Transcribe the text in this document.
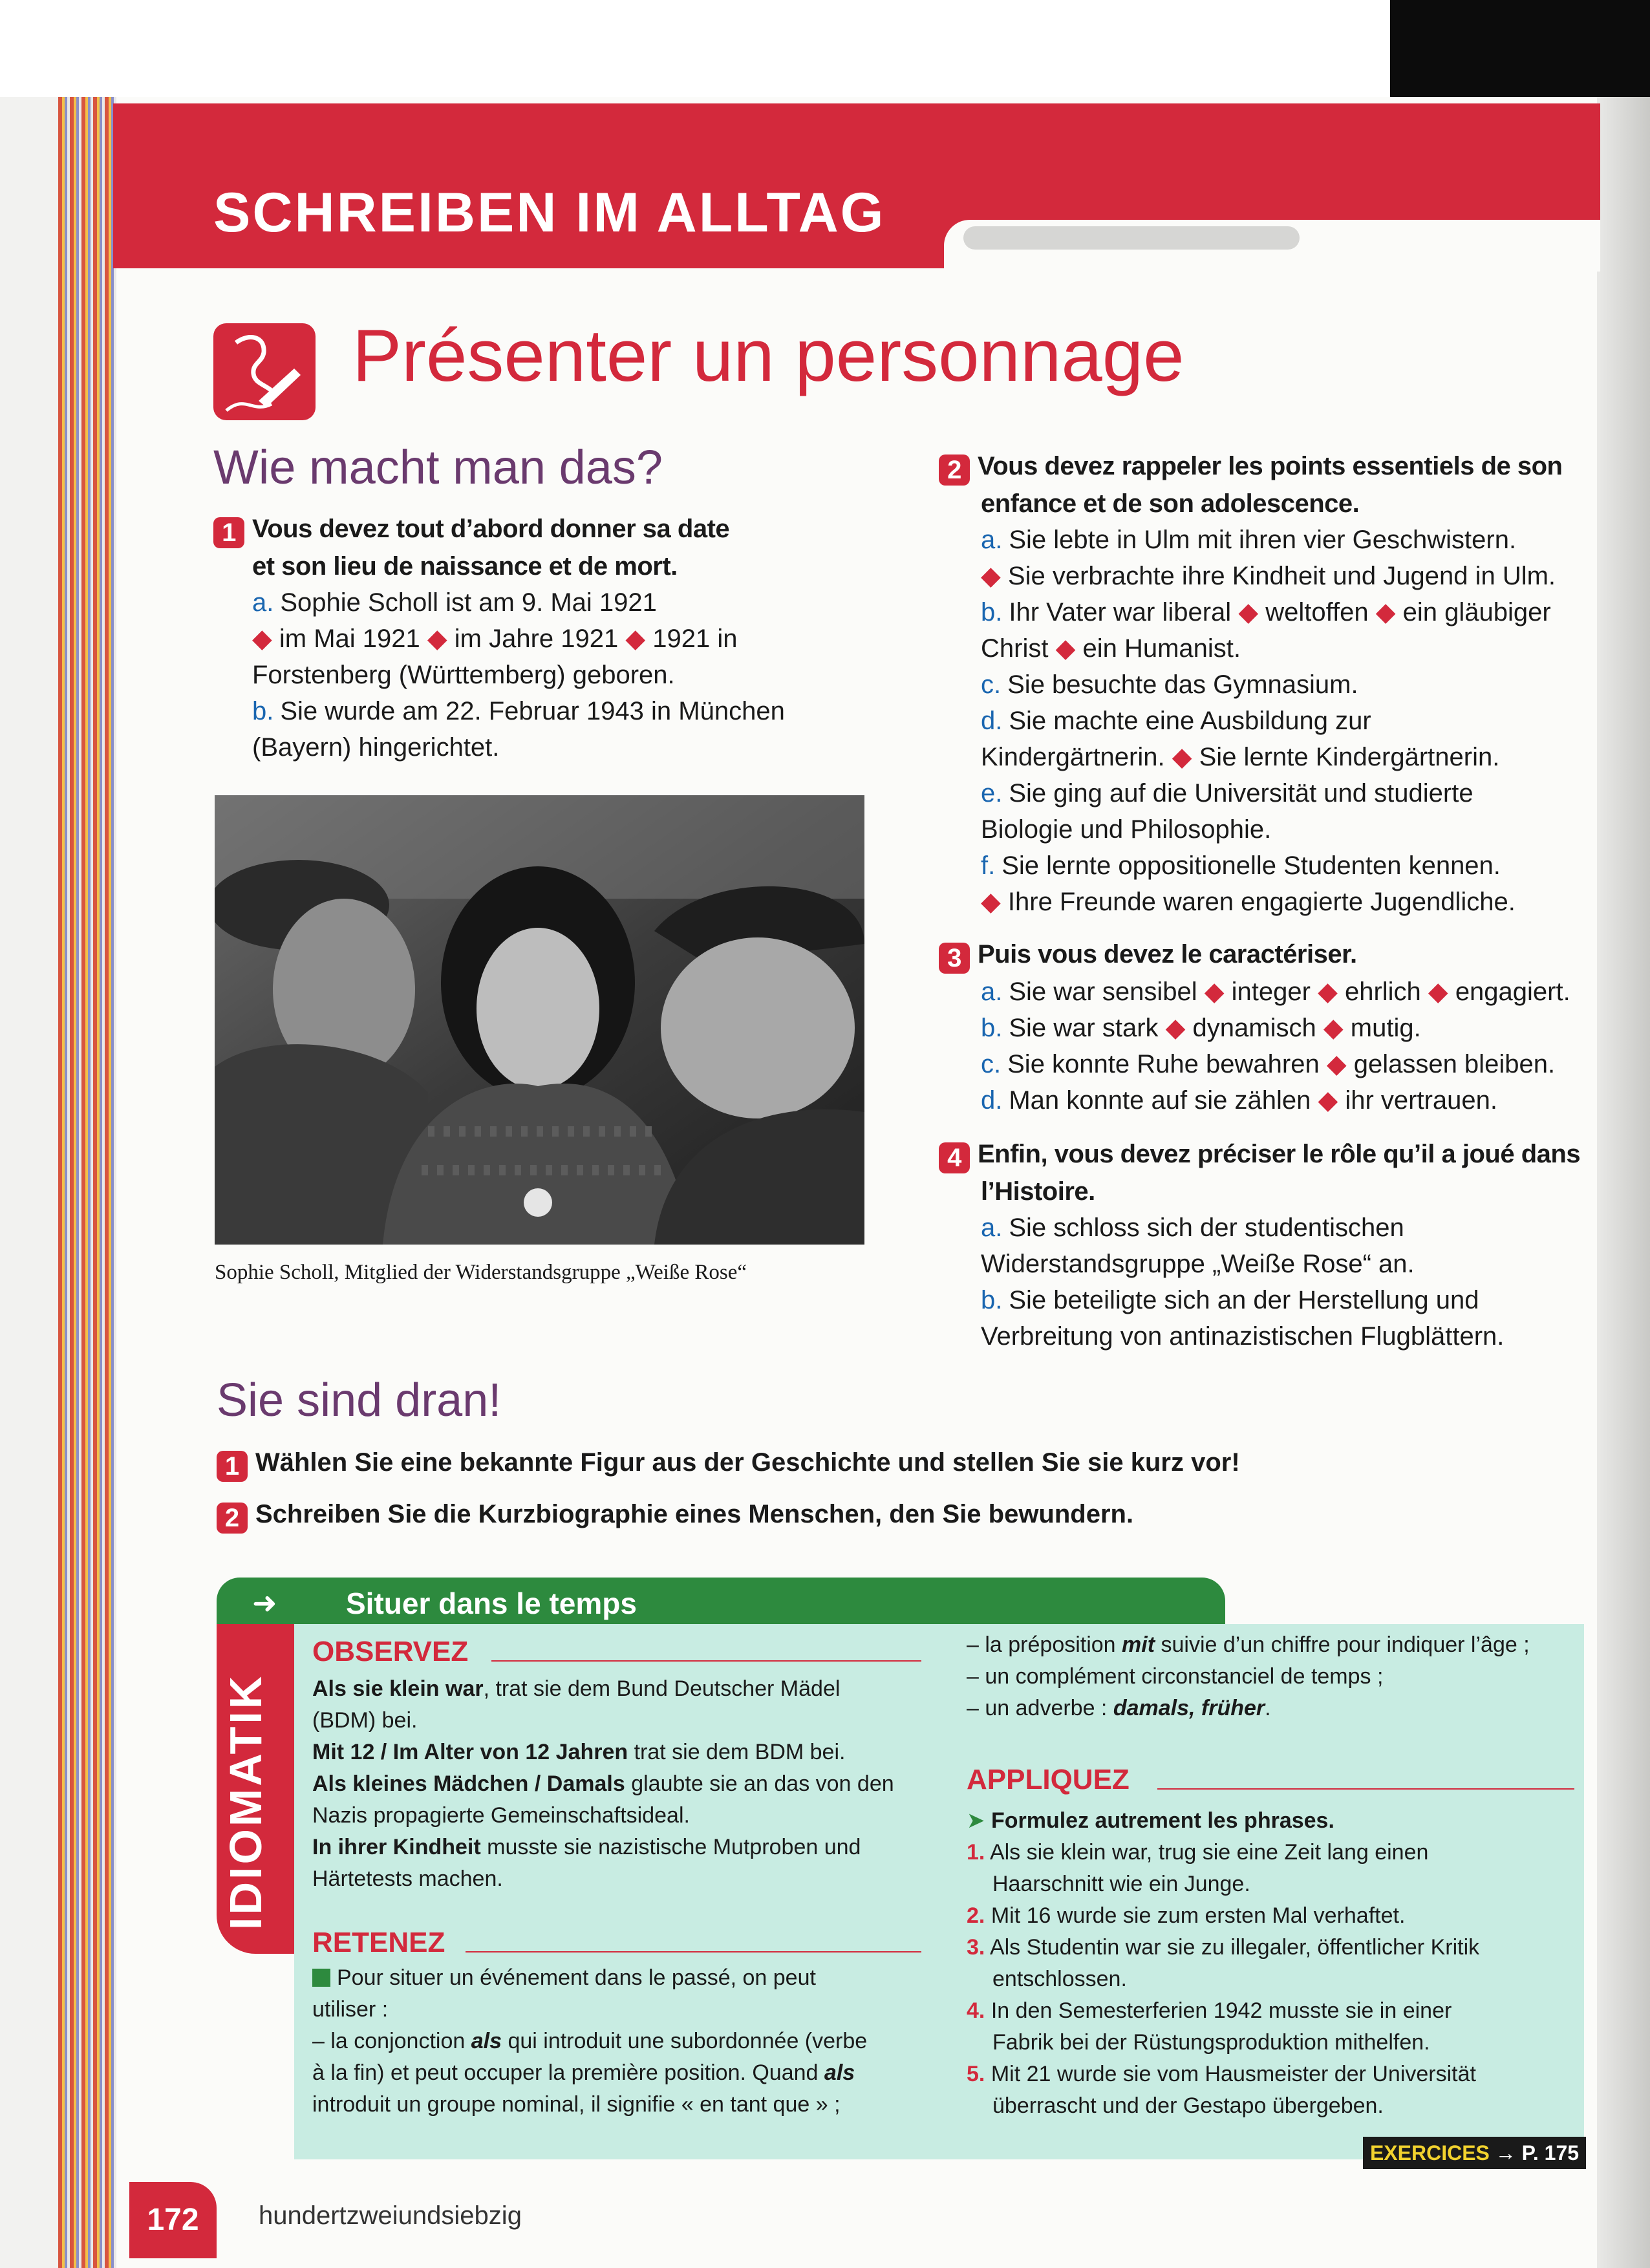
SCHREIBEN IM ALLTAG
Présenter un personnage
Wie macht man das?
1 Vous devez tout d’abord donner sa date
et son lieu de naissance et de mort.
a. Sophie Scholl ist am 9. Mai 1921
◆ im Mai 1921 ◆ im Jahre 1921 ◆ 1921 in
Forstenberg (Württemberg) geboren.
b. Sie wurde am 22. Februar 1943 in München
(Bayern) hingerichtet.
Sophie Scholl, Mitglied der Widerstandsgruppe „Weiße Rose“
2 Vous devez rappeler les points essentiels de son
enfance et de son adolescence.
a. Sie lebte in Ulm mit ihren vier Geschwistern.
◆ Sie verbrachte ihre Kindheit und Jugend in Ulm.
b. Ihr Vater war liberal ◆ weltoffen ◆ ein gläubiger
Christ ◆ ein Humanist.
c. Sie besuchte das Gymnasium.
d. Sie machte eine Ausbildung zur
Kindergärtnerin. ◆ Sie lernte Kindergärtnerin.
e. Sie ging auf die Universität und studierte
Biologie und Philosophie.
f. Sie lernte oppositionelle Studenten kennen.
◆ Ihre Freunde waren engagierte Jugendliche.
3 Puis vous devez le caractériser.
a. Sie war sensibel ◆ integer ◆ ehrlich ◆ engagiert.
b. Sie war stark ◆ dynamisch ◆ mutig.
c. Sie konnte Ruhe bewahren ◆ gelassen bleiben.
d. Man konnte auf sie zählen ◆ ihr vertrauen.
4 Enfin, vous devez préciser le rôle qu’il a joué dans
l’Histoire.
a. Sie schloss sich der studentischen
Widerstandsgruppe „Weiße Rose“ an.
b. Sie beteiligte sich an der Herstellung und
Verbreitung von antinazistischen Flugblättern.
Sie sind dran!
1 Wählen Sie eine bekannte Figur aus der Geschichte und stellen Sie sie kurz vor!
2 Schreiben Sie die Kurzbiographie eines Menschen, den Sie bewundern.
➜ Situer dans le temps
IDIOMATIK
OBSERVEZ
Als sie klein war, trat sie dem Bund Deutscher Mädel
(BDM) bei.
Mit 12 / Im Alter von 12 Jahren trat sie dem BDM bei.
Als kleines Mädchen / Damals glaubte sie an das von den
Nazis propagierte Gemeinschaftsideal.
In ihrer Kindheit musste sie nazistische Mutproben und
Härtetests machen.
RETENEZ
Pour situer un événement dans le passé, on peut
utiliser :
– la conjonction als qui introduit une subordonnée (verbe
à la fin) et peut occuper la première position. Quand als
introduit un groupe nominal, il signifie « en tant que » ;
– la préposition mit suivie d’un chiffre pour indiquer l’âge ;
– un complément circonstanciel de temps ;
– un adverbe : damals, früher.
APPLIQUEZ
➤ Formulez autrement les phrases.
1. Als sie klein war, trug sie eine Zeit lang einen
Haarschnitt wie ein Junge.
2. Mit 16 wurde sie zum ersten Mal verhaftet.
3. Als Studentin war sie zu illegaler, öffentlicher Kritik
entschlossen.
4. In den Semesterferien 1942 musste sie in einer
Fabrik bei der Rüstungsproduktion mithelfen.
5. Mit 21 wurde sie vom Hausmeister der Universität
überrascht und der Gestapo übergeben.
EXERCICES → P. 175
172	hundertzweiundsiebzig
